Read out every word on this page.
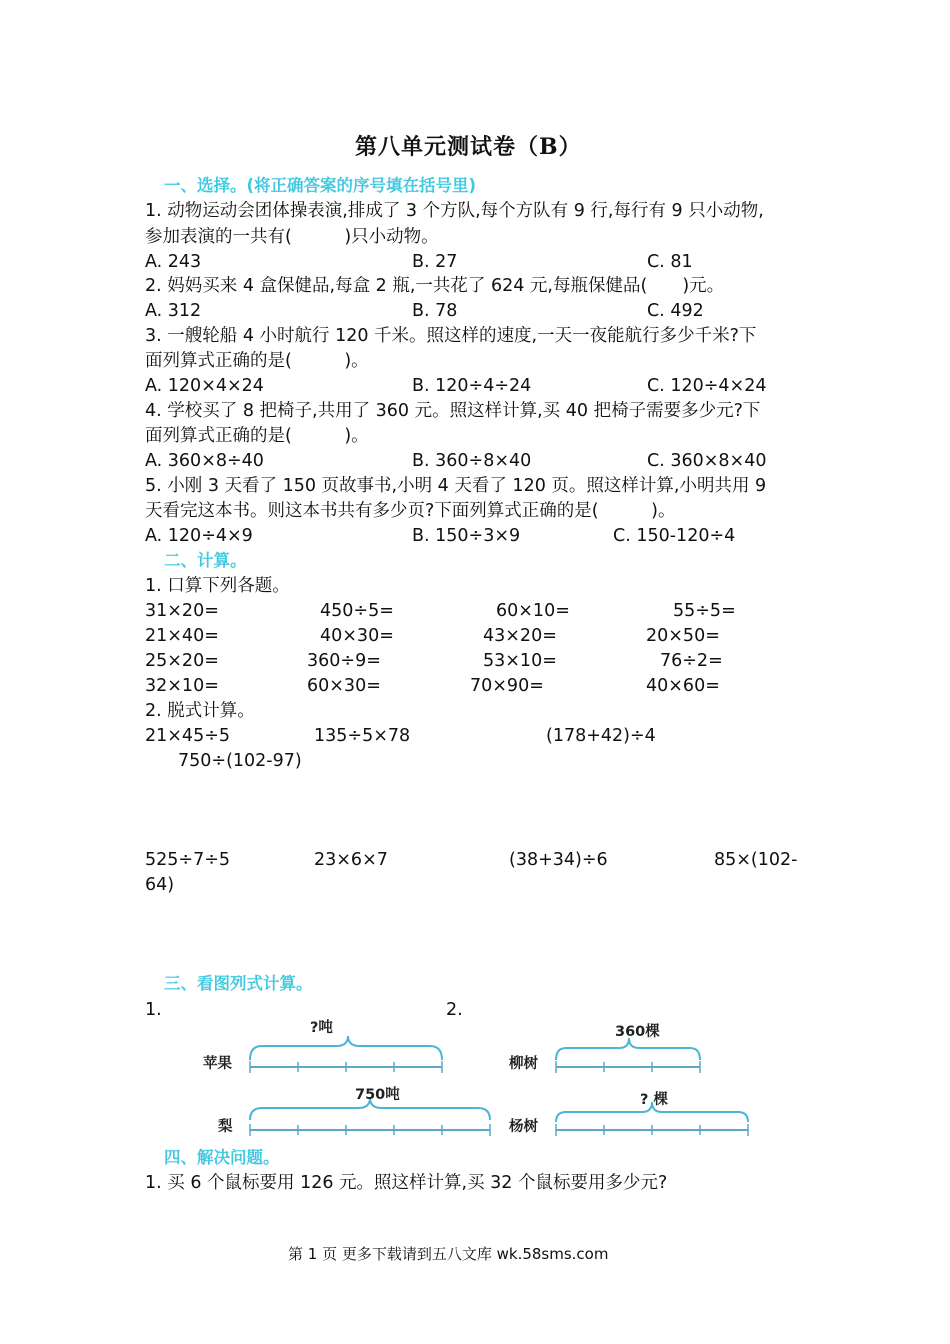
第八单元测试卷（B）
一、选择。(将正确答案的序号填在括号里)
1. 动物运动会团体操表演,排成了 3 个方队,每个方队有 9 行,每行有 9 只小动物,
参加表演的一共有(　　　)只小动物。
A. 243	B. 27	C. 81
2. 妈妈买来 4 盒保健品,每盒 2 瓶,一共花了 624 元,每瓶保健品(　　)元。
A. 312	B. 78	C. 492
3. 一艘轮船 4 小时航行 120 千米。照这样的速度,一天一夜能航行多少千米?下
面列算式正确的是(　　　)。
A. 120×4×24	B. 120÷4÷24	C. 120÷4×24
4. 学校买了 8 把椅子,共用了 360 元。照这样计算,买 40 把椅子需要多少元?下
面列算式正确的是(　　　)。
A. 360×8÷40	B. 360÷8×40	C. 360×8×40
5. 小刚 3 天看了 150 页故事书,小明 4 天看了 120 页。照这样计算,小明共用 9
天看完这本书。则这本书共有多少页?下面列算式正确的是(　　　)。
A. 120÷4×9	B. 150÷3×9	C. 150-120÷4
二、计算。
1. 口算下列各题。
31×20=	450÷5=	60×10=	55÷5=
21×40=	40×30=	43×20=	20×50=
25×20=	360÷9=	53×10=	76÷2=
32×10=	60×30=	70×90=	40×60=
2. 脱式计算。
21×45÷5	135÷5×78	(178+42)÷4
750÷(102-97)
525÷7÷5	23×6×7	(38+34)÷6	85×(102-
64)
三、看图列式计算。
1.	2.
苹果
?吨
梨
750吨
柳树
360棵
杨树
? 棵
四、解决问题。
1. 买 6 个鼠标要用 126 元。照这样计算,买 32 个鼠标要用多少元?
第 1 页 更多下载请到五八文库 wk.58sms.com
